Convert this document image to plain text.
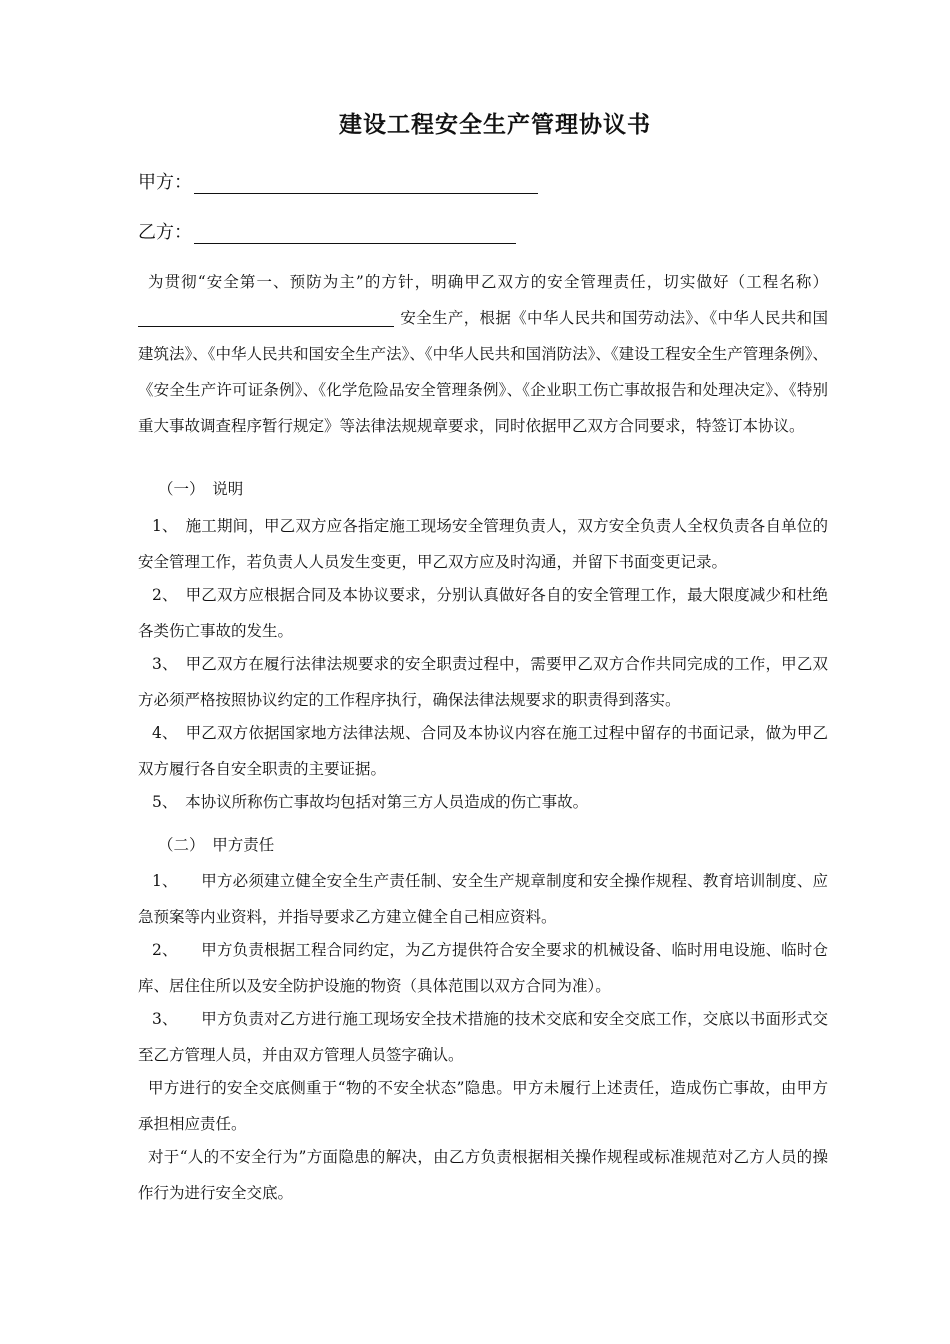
建设工程安全生产管理协议书
甲方：
乙方：
为贯彻“安全第一、预防为主”的方针，明确甲乙双方的安全管理责任，切实做好（工程名称）安全生产，根据《中华人民共和国劳动法》、《中华人民共和国建筑法》、《中华人民共和国安全生产法》、《中华人民共和国消防法》、《建设工程安全生产管理条例》、《安全生产许可证条例》、《化学危险品安全管理条例》、《企业职工伤亡事故报告和处理决定》、《特别重大事故调查程序暂行规定》等法律法规规章要求，同时依据甲乙双方合同要求，特签订本协议。
（一）　说明
1、　施工期间，甲乙双方应各指定施工现场安全管理负责人，双方安全负责人全权负责各自单位的安全管理工作，若负责人人员发生变更，甲乙双方应及时沟通，并留下书面变更记录。
2、　甲乙双方应根据合同及本协议要求，分别认真做好各自的安全管理工作，最大限度减少和杜绝各类伤亡事故的发生。
3、　甲乙双方在履行法律法规要求的安全职责过程中，需要甲乙双方合作共同完成的工作，甲乙双方必须严格按照协议约定的工作程序执行，确保法律法规要求的职责得到落实。
4、　甲乙双方依据国家地方法律法规、合同及本协议内容在施工过程中留存的书面记录，做为甲乙双方履行各自安全职责的主要证据。
5、　本协议所称伤亡事故均包括对第三方人员造成的伤亡事故。
（二）　甲方责任
1、　　甲方必须建立健全安全生产责任制、安全生产规章制度和安全操作规程、教育培训制度、应急预案等内业资料，并指导要求乙方建立健全自己相应资料。
2、　　甲方负责根据工程合同约定，为乙方提供符合安全要求的机械设备、临时用电设施、临时仓库、居住住所以及安全防护设施的物资（具体范围以双方合同为准）。
3、　　甲方负责对乙方进行施工现场安全技术措施的技术交底和安全交底工作，交底以书面形式交至乙方管理人员，并由双方管理人员签字确认。
甲方进行的安全交底侧重于“物的不安全状态”隐患。甲方未履行上述责任，造成伤亡事故，由甲方承担相应责任。
对于“人的不安全行为”方面隐患的解决，由乙方负责根据相关操作规程或标准规范对乙方人员的操作行为进行安全交底。
